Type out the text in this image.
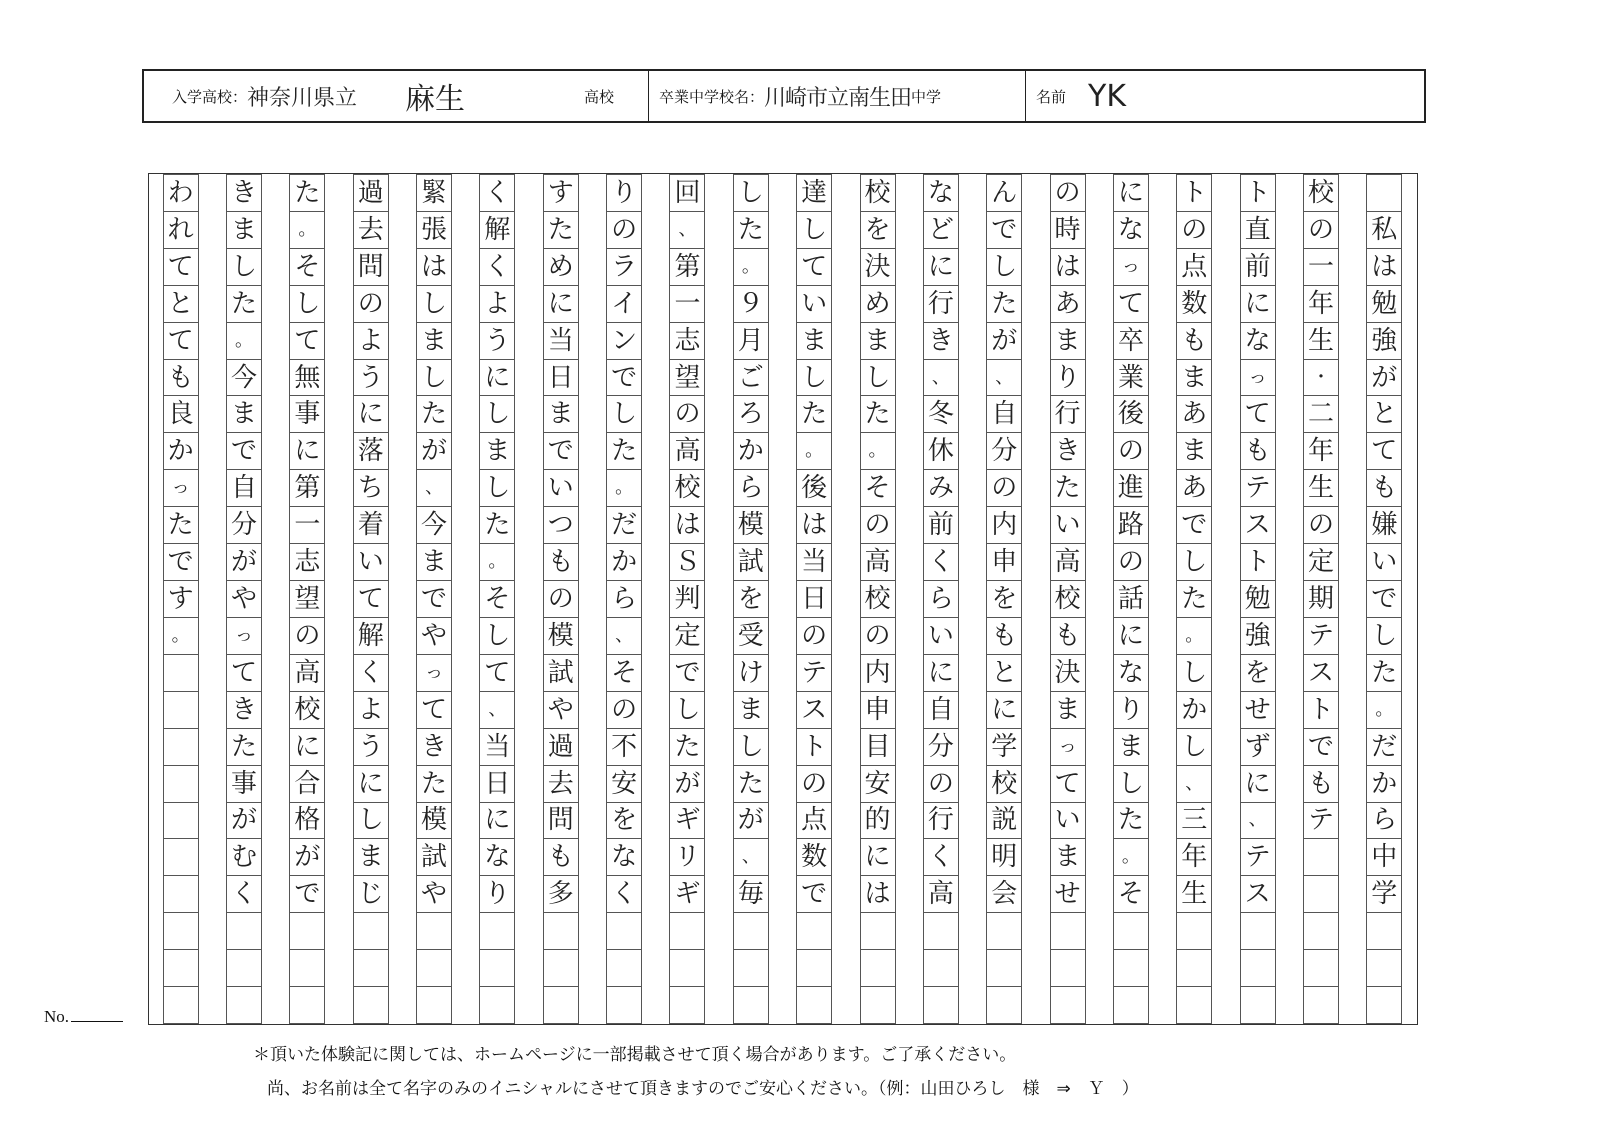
入学高校： 神奈川県立 麻生	高校	卒業中学校名： 川崎市立南生田 中学	名前 YK
私
は
勉
強
が
と
て
も
嫌
い
で
し
た
。
だ
か
ら
中
学
校
の
一
年
生
・
二
年
生
の
定
期
テ
ス
ト
で
も
テ
ト
直
前
に
な
っ
て
も
テ
ス
ト
勉
強
を
せ
ず
に
、
テ
ス
ト
の
点
数
も
ま
あ
ま
あ
で
し
た
。
し
か
し
、
三
年
生
に
な
っ
て
卒
業
後
の
進
路
の
話
に
な
り
ま
し
た
。
そ
の
時
は
あ
ま
り
行
き
た
い
高
校
も
決
ま
っ
て
い
ま
せ
ん
で
し
た
が
、
自
分
の
内
申
を
も
と
に
学
校
説
明
会
な
ど
に
行
き
、
冬
休
み
前
く
ら
い
に
自
分
の
行
く
高
校
を
決
め
ま
し
た
。
そ
の
高
校
の
内
申
目
安
的
に
は
達
し
て
い
ま
し
た
。
後
は
当
日
の
テ
ス
ト
の
点
数
で
し
た
。
９
月
ご
ろ
か
ら
模
試
を
受
け
ま
し
た
が
、
毎
回
、
第
一
志
望
の
高
校
は
Ｓ
判
定
で
し
た
が
ギ
リ
ギ
り
の
ラ
イ
ン
で
し
た
。
だ
か
ら
、
そ
の
不
安
を
な
く
す
た
め
に
当
日
ま
で
い
つ
も
の
模
試
や
過
去
問
も
多
く
解
く
よ
う
に
し
ま
し
た
。
そ
し
て
、
当
日
に
な
り
緊
張
は
し
ま
し
た
が
、
今
ま
で
や
っ
て
き
た
模
試
や
過
去
問
の
よ
う
に
落
ち
着
い
て
解
く
よ
う
に
し
ま
じ
た
。
そ
し
て
無
事
に
第
一
志
望
の
高
校
に
合
格
が
で
き
ま
し
た
。
今
ま
で
自
分
が
や
っ
て
き
た
事
が
む
く
わ
れ
て
と
て
も
良
か
っ
た
で
す
。
No.
＊頂いた体験記に関しては、ホームページに一部掲載させて頂く場合があります。ご了承ください。
尚、お名前は全て名字のみのイニシャルにさせて頂きますのでご安心ください。（例：山田ひろし　様　⇒　Ｙ　）
